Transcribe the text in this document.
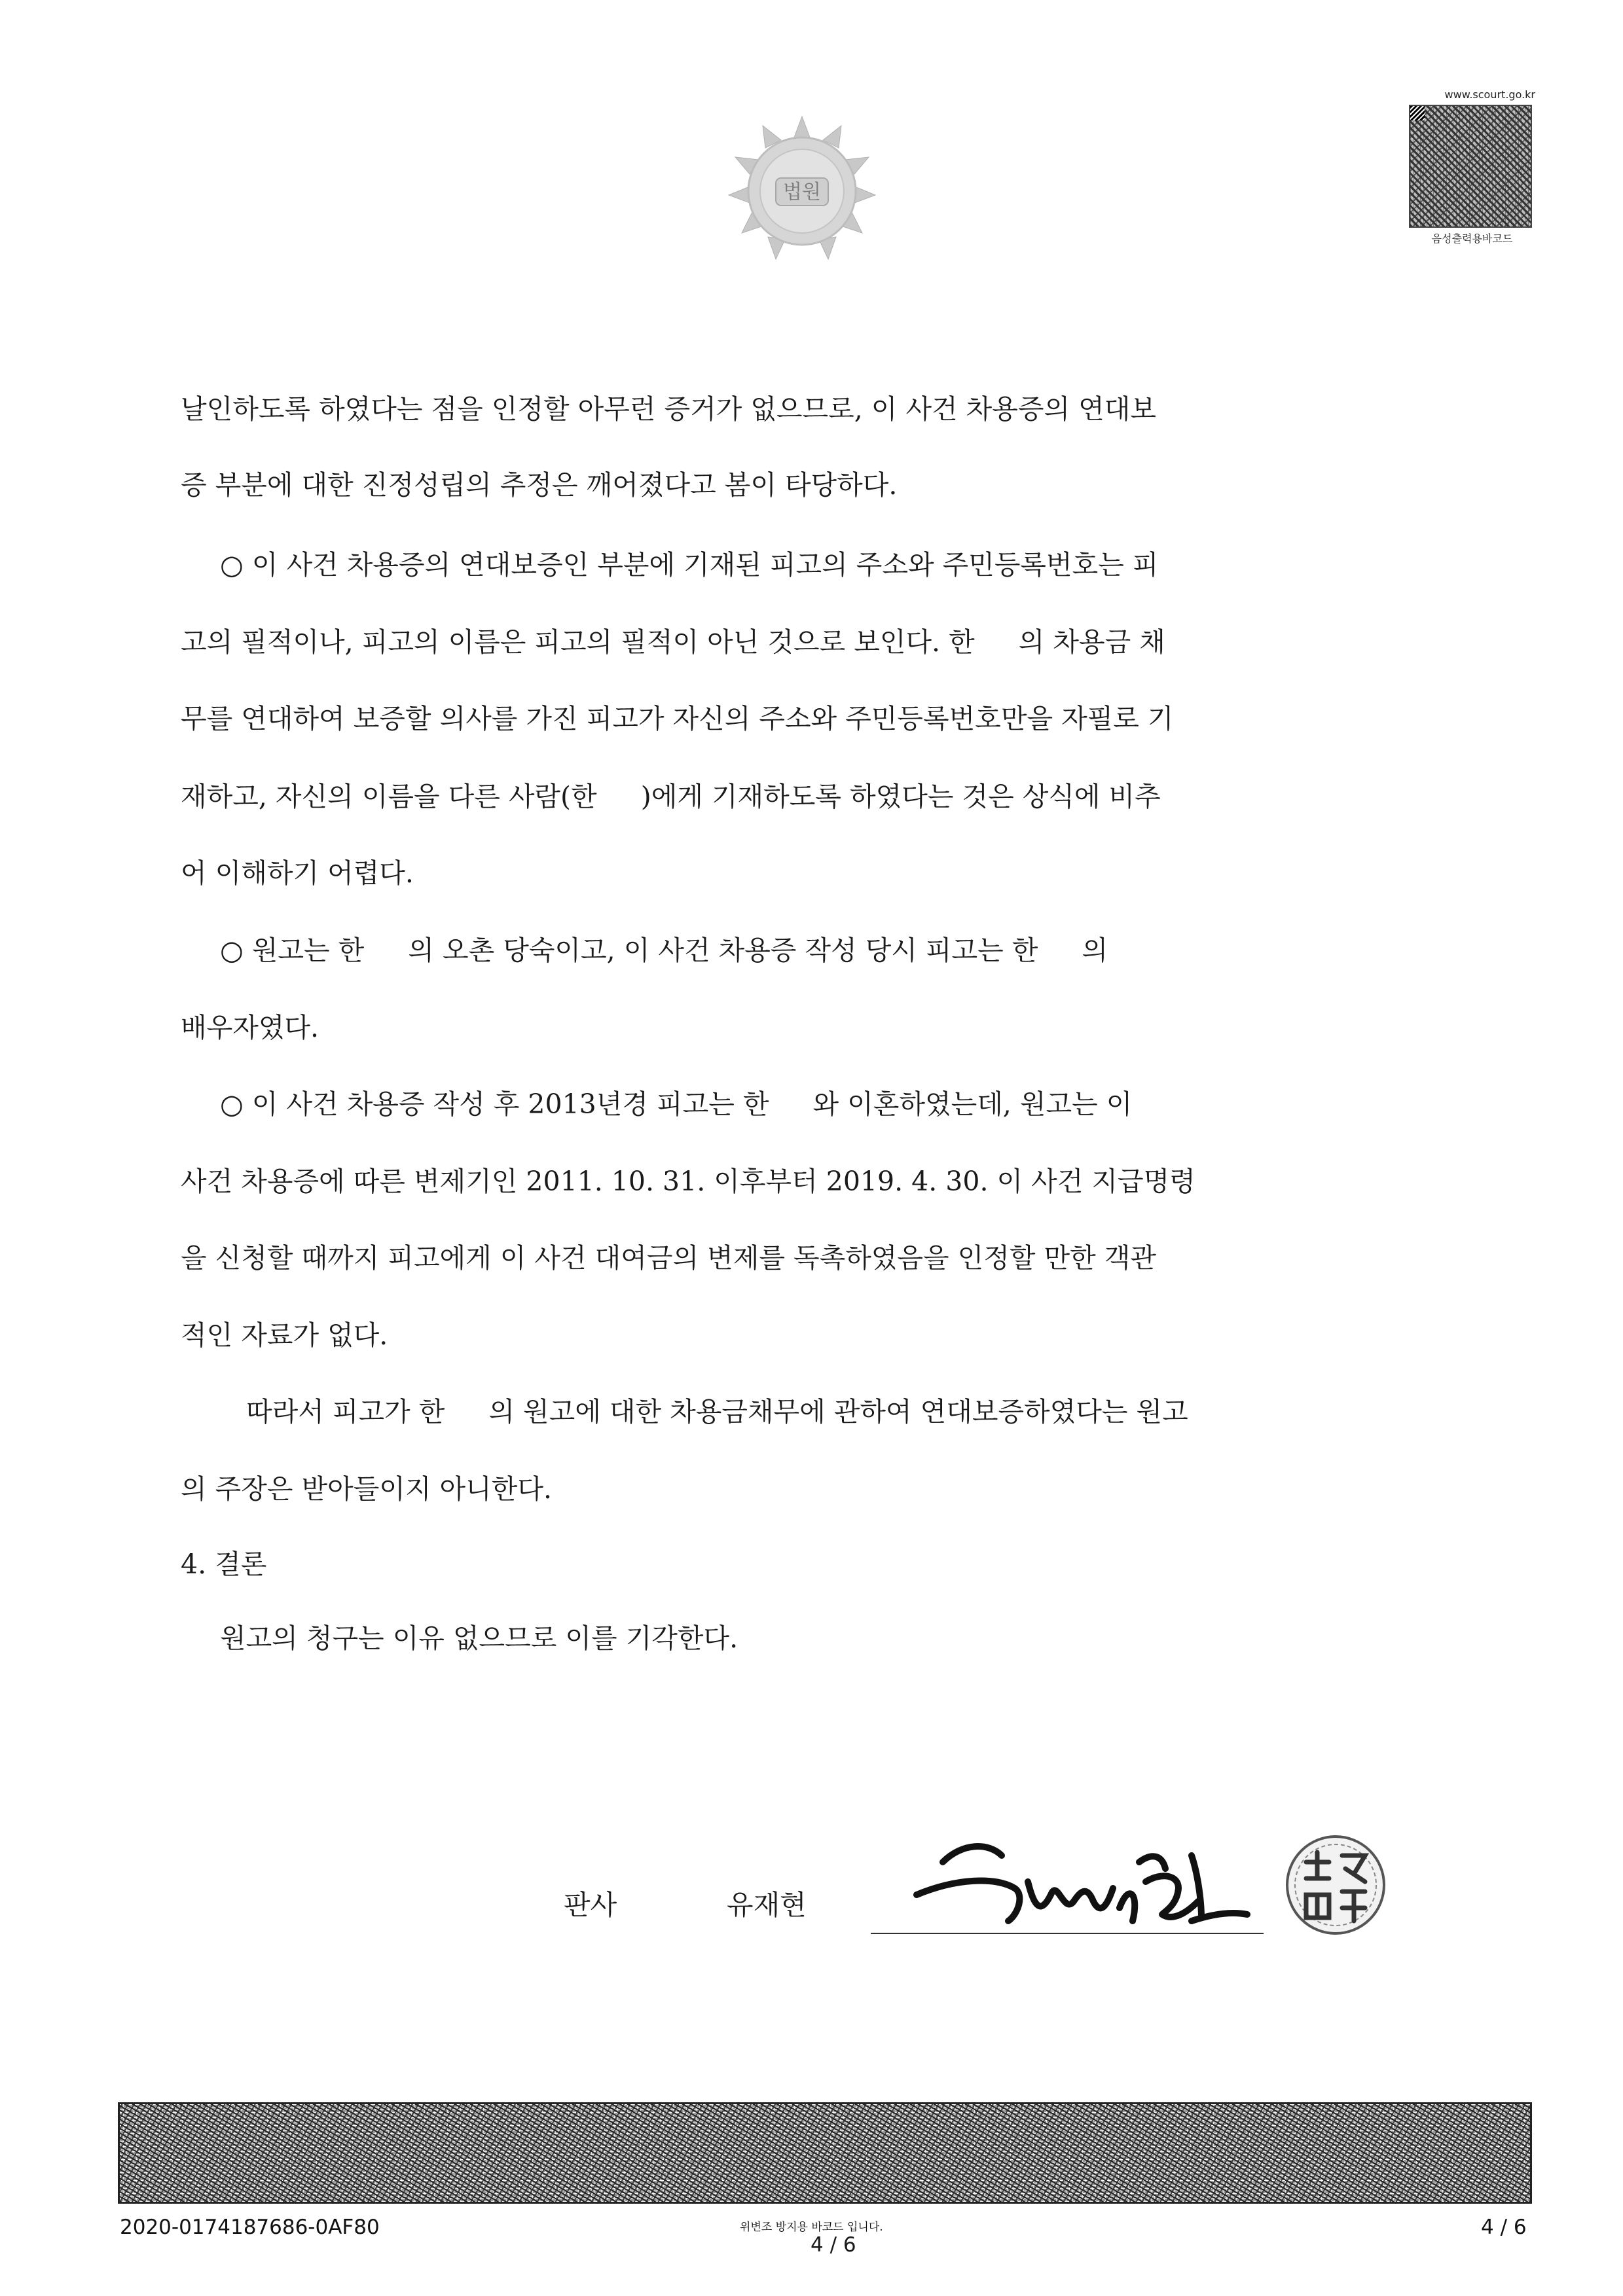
법원
www.scourt.go.kr
음성출력용바코드
날인하도록 하였다는 점을 인정할 아무런 증거가 없으므로, 이 사건 차용증의 연대보
증 부분에 대한 진정성립의 추정은 깨어졌다고 봄이 타당하다.
○ 이 사건 차용증의 연대보증인 부분에 기재된 피고의 주소와 주민등록번호는 피
고의 필적이나, 피고의 이름은 피고의 필적이 아닌 것으로 보인다. 한 　 의 차용금 채
무를 연대하여 보증할 의사를 가진 피고가 자신의 주소와 주민등록번호만을 자필로 기
재하고, 자신의 이름을 다른 사람(한 　 )에게 기재하도록 하였다는 것은 상식에 비추
어 이해하기 어렵다.
○ 원고는 한 　 의 오촌 당숙이고, 이 사건 차용증 작성 당시 피고는 한 　 의
배우자였다.
○ 이 사건 차용증 작성 후 2013년경 피고는 한 　 와 이혼하였는데, 원고는 이
사건 차용증에 따른 변제기인 2011. 10. 31. 이후부터 2019. 4. 30. 이 사건 지급명령
을 신청할 때까지 피고에게 이 사건 대여금의 변제를 독촉하였음을 인정할 만한 객관
적인 자료가 없다.
따라서 피고가 한 　 의 원고에 대한 차용금채무에 관하여 연대보증하였다는 원고
의 주장은 받아들이지 아니한다.
4. 결론
원고의 청구는 이유 없으므로 이를 기각한다.
판사	유재현
2020-0174187686-0AF80	위변조 방지용 바코드 입니다.	4 / 6
4 / 6
